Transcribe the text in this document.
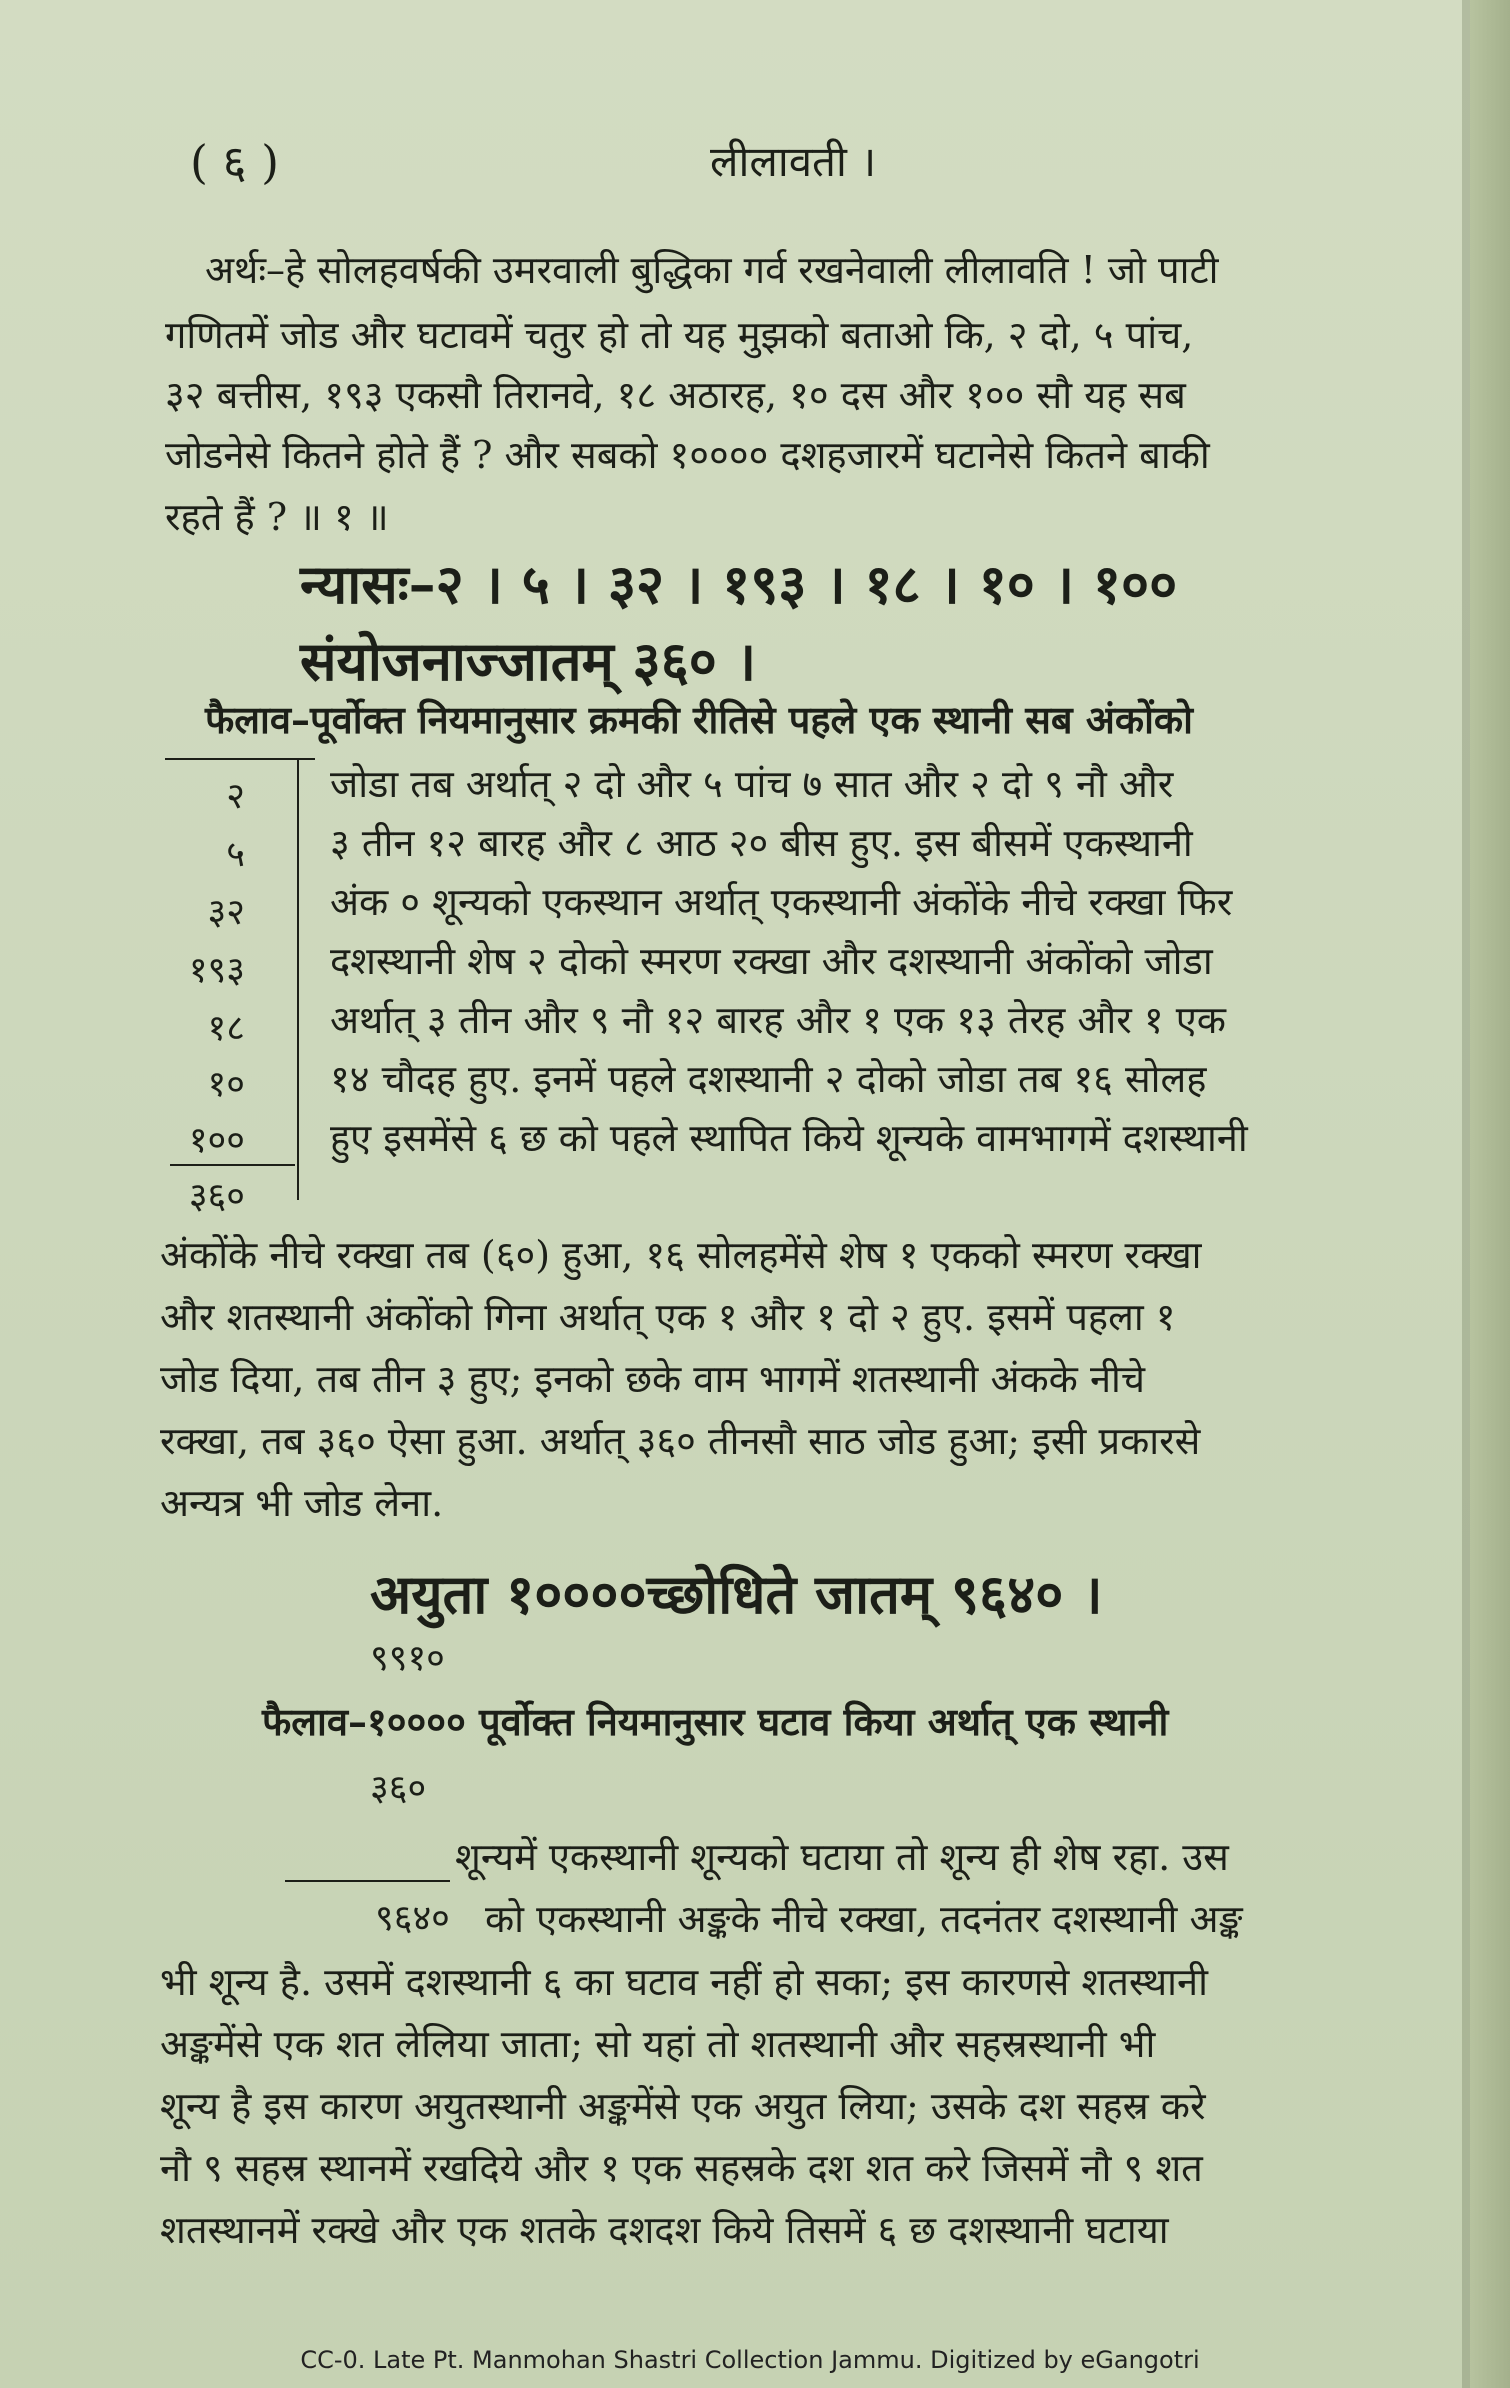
( ६ )	लीलावती ।
अर्थः–हे सोलहवर्षकी उमरवाली बुद्धिका गर्व रखनेवाली लीलावति ! जो पाटी
गणितमें जोड और घटावमें चतुर हो तो यह मुझको बताओ कि, २ दो, ५ पांच,
३२ बत्तीस, १९३ एकसौ तिरानवे, १८ अठारह, १० दस और १०० सौ यह सब
जोडनेसे कितने होते हैं ? और सबको १०००० दशहजारमें घटानेसे कितने बाकी
रहते हैं ? ॥ १ ॥
न्यासः–२ । ५ । ३२ । १९३ । १८ । १० । १००
संयोजनाज्जातम् ३६० ।
फैलाव–पूर्वोक्त नियमानुसार क्रमकी रीतिसे पहले एक स्थानी सब अंकोंको
२
५
३२
१९३
१८
१०
१००
३६०
जोडा तब अर्थात् २ दो और ५ पांच ७ सात और २ दो ९ नौ और
३ तीन १२ बारह और ८ आठ २० बीस हुए. इस बीसमें एकस्थानी
अंक ० शून्यको एकस्थान अर्थात् एकस्थानी अंकोंके नीचे रक्खा फिर
दशस्थानी शेष २ दोको स्मरण रक्खा और दशस्थानी अंकोंको जोडा
अर्थात् ३ तीन और ९ नौ १२ बारह और १ एक १३ तेरह और १ एक
१४ चौदह हुए. इनमें पहले दशस्थानी २ दोको जोडा तब १६ सोलह
हुए इसमेंसे ६ छ को पहले स्थापित किये शून्यके वामभागमें दशस्थानी
अंकोंके नीचे रक्खा तब (६०) हुआ, १६ सोलहमेंसे शेष १ एकको स्मरण रक्खा
और शतस्थानी अंकोंको गिना अर्थात् एक १ और १ दो २ हुए. इसमें पहला १
जोड दिया, तब तीन ३ हुए; इनको छके वाम भागमें शतस्थानी अंकके नीचे
रक्खा, तब ३६० ऐसा हुआ. अर्थात् ३६० तीनसौ साठ जोड हुआ; इसी प्रकारसे
अन्यत्र भी जोड लेना.
अयुता १००००च्छोधिते जातम् ९६४० ।
९९१०
फैलाव–१०००० पूर्वोक्त नियमानुसार घटाव किया अर्थात् एक स्थानी
३६०
शून्यमें एकस्थानी शून्यको घटाया तो शून्य ही शेष रहा. उस
९६४० को एकस्थानी अङ्कके नीचे रक्खा, तदनंतर दशस्थानी अङ्क
भी शून्य है. उसमें दशस्थानी ६ का घटाव नहीं हो सका; इस कारणसे शतस्थानी
अङ्कमेंसे एक शत लेलिया जाता; सो यहां तो शतस्थानी और सहस्रस्थानी भी
शून्य है इस कारण अयुतस्थानी अङ्कमेंसे एक अयुत लिया; उसके दश सहस्र करे
नौ ९ सहस्र स्थानमें रखदिये और १ एक सहस्रके दश शत करे जिसमें नौ ९ शत
शतस्थानमें रक्खे और एक शतके दशदश किये तिसमें ६ छ दशस्थानी घटाया
CC-0. Late Pt. Manmohan Shastri Collection Jammu. Digitized by eGangotri
